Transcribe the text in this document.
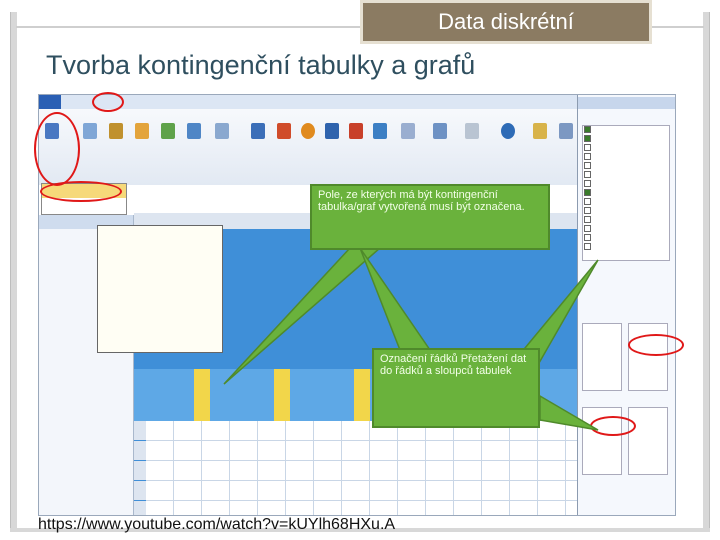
Data diskrétní
Tvorba kontingenční tabulky a grafů

Pole, ze kterých má být kontingenční tabulka/graf vytvořená musí být označena.
Označení řádků Přetažení dat do řádků a sloupců tabulek
https://www.youtube.com/watch?v=kUYlh68HXu.A
